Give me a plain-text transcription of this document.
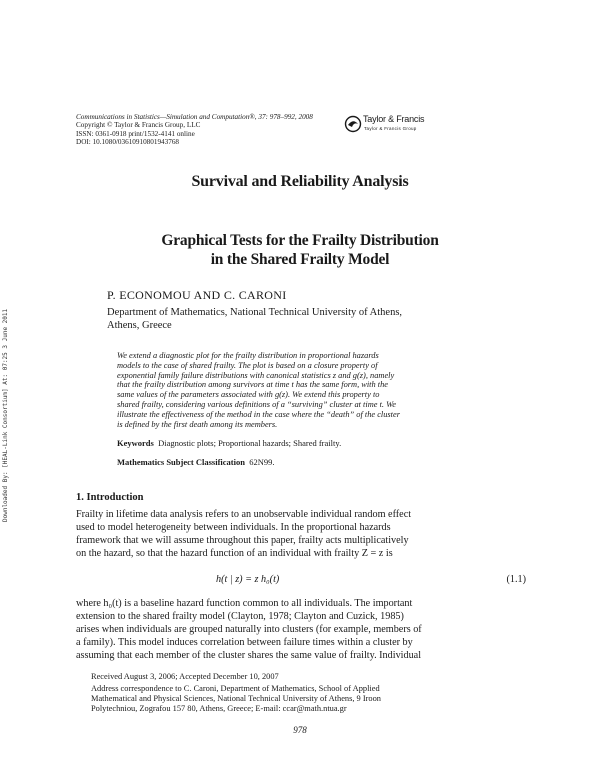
Downloaded By: [HEAL-Link Consortium] At: 07:25 3 June 2011
Communications in Statistics—Simulation and Computation®, 37: 978–992, 2008
Copyright © Taylor & Francis Group, LLC
ISSN: 0361-0918 print/1532-4141 online
DOI: 10.1080/03610910801943768
Taylor & Francis
Taylor & Francis Group
Survival and Reliability Analysis
Graphical Tests for the Frailty Distribution
in the Shared Frailty Model
P. ECONOMOU AND C. CARONI
Department of Mathematics, National Technical University of Athens,
Athens, Greece
We extend a diagnostic plot for the frailty distribution in proportional hazards
models to the case of shared frailty. The plot is based on a closure property of
exponential family failure distributions with canonical statistics z and g(z), namely
that the frailty distribution among survivors at time t has the same form, with the
same values of the parameters associated with g(z). We extend this property to
shared frailty, considering various definitions of a “surviving” cluster at time t. We
illustrate the effectiveness of the method in the case where the “death” of the cluster
is defined by the first death among its members.
Keywords Diagnostic plots; Proportional hazards; Shared frailty.
Mathematics Subject Classification 62N99.
1. Introduction
Frailty in lifetime data analysis refers to an unobservable individual random effect
used to model heterogeneity between individuals. In the proportional hazards
framework that we will assume throughout this paper, frailty acts multiplicatively
on the hazard, so that the hazard function of an individual with frailty Z = z is
h(t | z) = z h₀(t)	(1.1)
where h₀(t) is a baseline hazard function common to all individuals. The important
extension to the shared frailty model (Clayton, 1978; Clayton and Cuzick, 1985)
arises when individuals are grouped naturally into clusters (for example, members of
a family). This model induces correlation between failure times within a cluster by
assuming that each member of the cluster shares the same value of frailty. Individual
Received August 3, 2006; Accepted December 10, 2007
Address correspondence to C. Caroni, Department of Mathematics, School of Applied
Mathematical and Physical Sciences, National Technical University of Athens, 9 Iroon
Polytechniou, Zografou 157 80, Athens, Greece; E-mail: ccar@math.ntua.gr
978
